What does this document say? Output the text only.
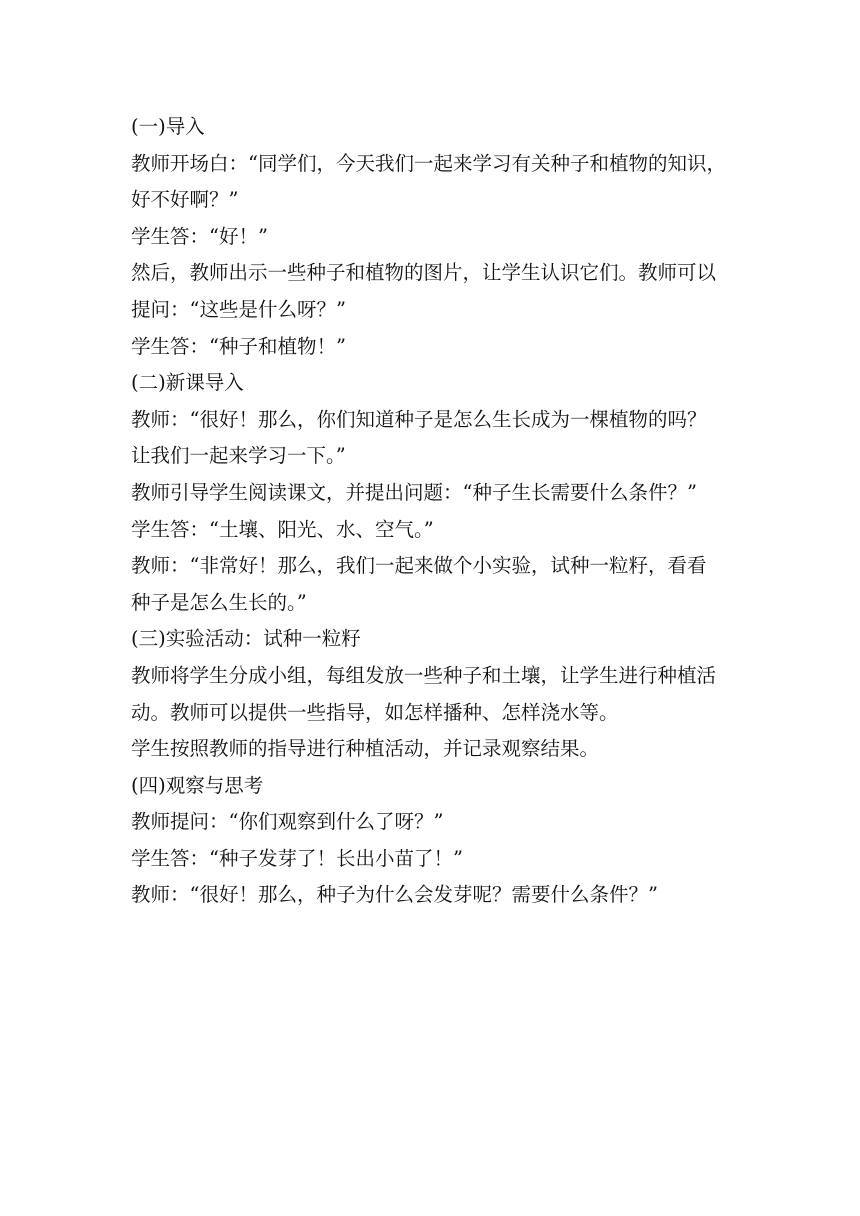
(一)导入
教师开场白：“同学们，今天我们一起来学习有关种子和植物的知识，
好不好啊？”
学生答：“好！”
然后，教师出示一些种子和植物的图片，让学生认识它们。教师可以
提问：“这些是什么呀？”
学生答：“种子和植物！”
(二)新课导入
教师：“很好！那么，你们知道种子是怎么生长成为一棵植物的吗？
让我们一起来学习一下。”
教师引导学生阅读课文，并提出问题：“种子生长需要什么条件？”
学生答：“土壤、阳光、水、空气。”
教师：“非常好！那么，我们一起来做个小实验，试种一粒籽，看看
种子是怎么生长的。”
(三)实验活动：试种一粒籽
教师将学生分成小组，每组发放一些种子和土壤，让学生进行种植活
动。教师可以提供一些指导，如怎样播种、怎样浇水等。
学生按照教师的指导进行种植活动，并记录观察结果。
(四)观察与思考
教师提问：“你们观察到什么了呀？”
学生答：“种子发芽了！长出小苗了！”
教师：“很好！那么，种子为什么会发芽呢？需要什么条件？”
